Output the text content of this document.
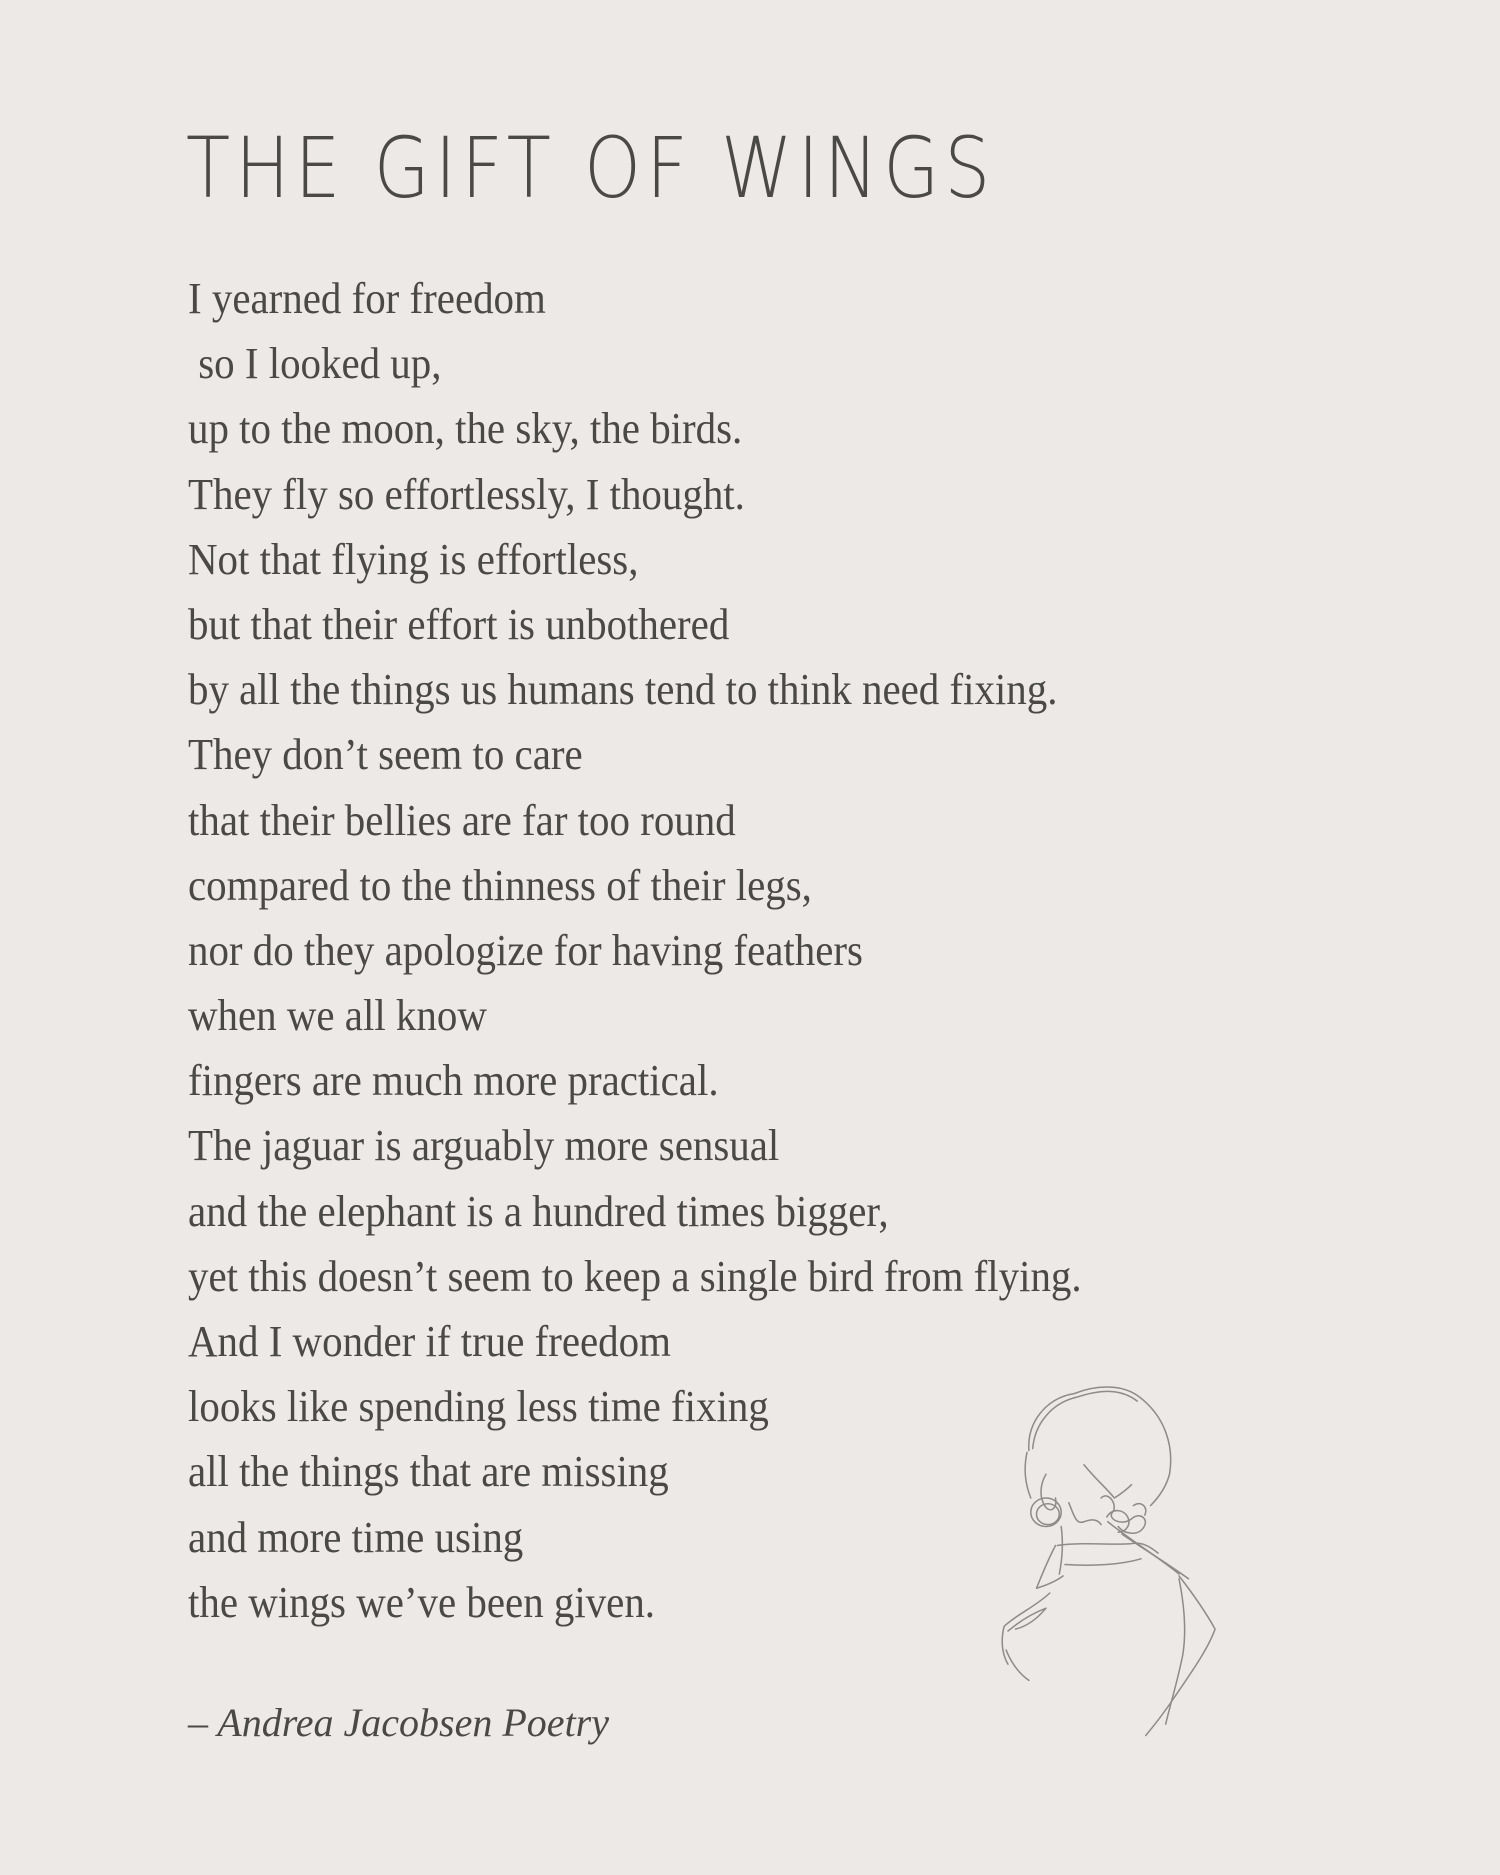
THE GIFT OF WINGS
I yearned for freedom
so I looked up,
up to the moon, the sky, the birds.
They fly so effortlessly, I thought.
Not that flying is effortless,
but that their effort is unbothered
by all the things us humans tend to think need fixing.
They don’t seem to care
that their bellies are far too round
compared to the thinness of their legs,
nor do they apologize for having feathers
when we all know
fingers are much more practical.
The jaguar is arguably more sensual
and the elephant is a hundred times bigger,
yet this doesn’t seem to keep a single bird from flying.
And I wonder if true freedom
looks like spending less time fixing
all the things that are missing
and more time using
the wings we’ve been given.

– Andrea Jacobsen Poetry
